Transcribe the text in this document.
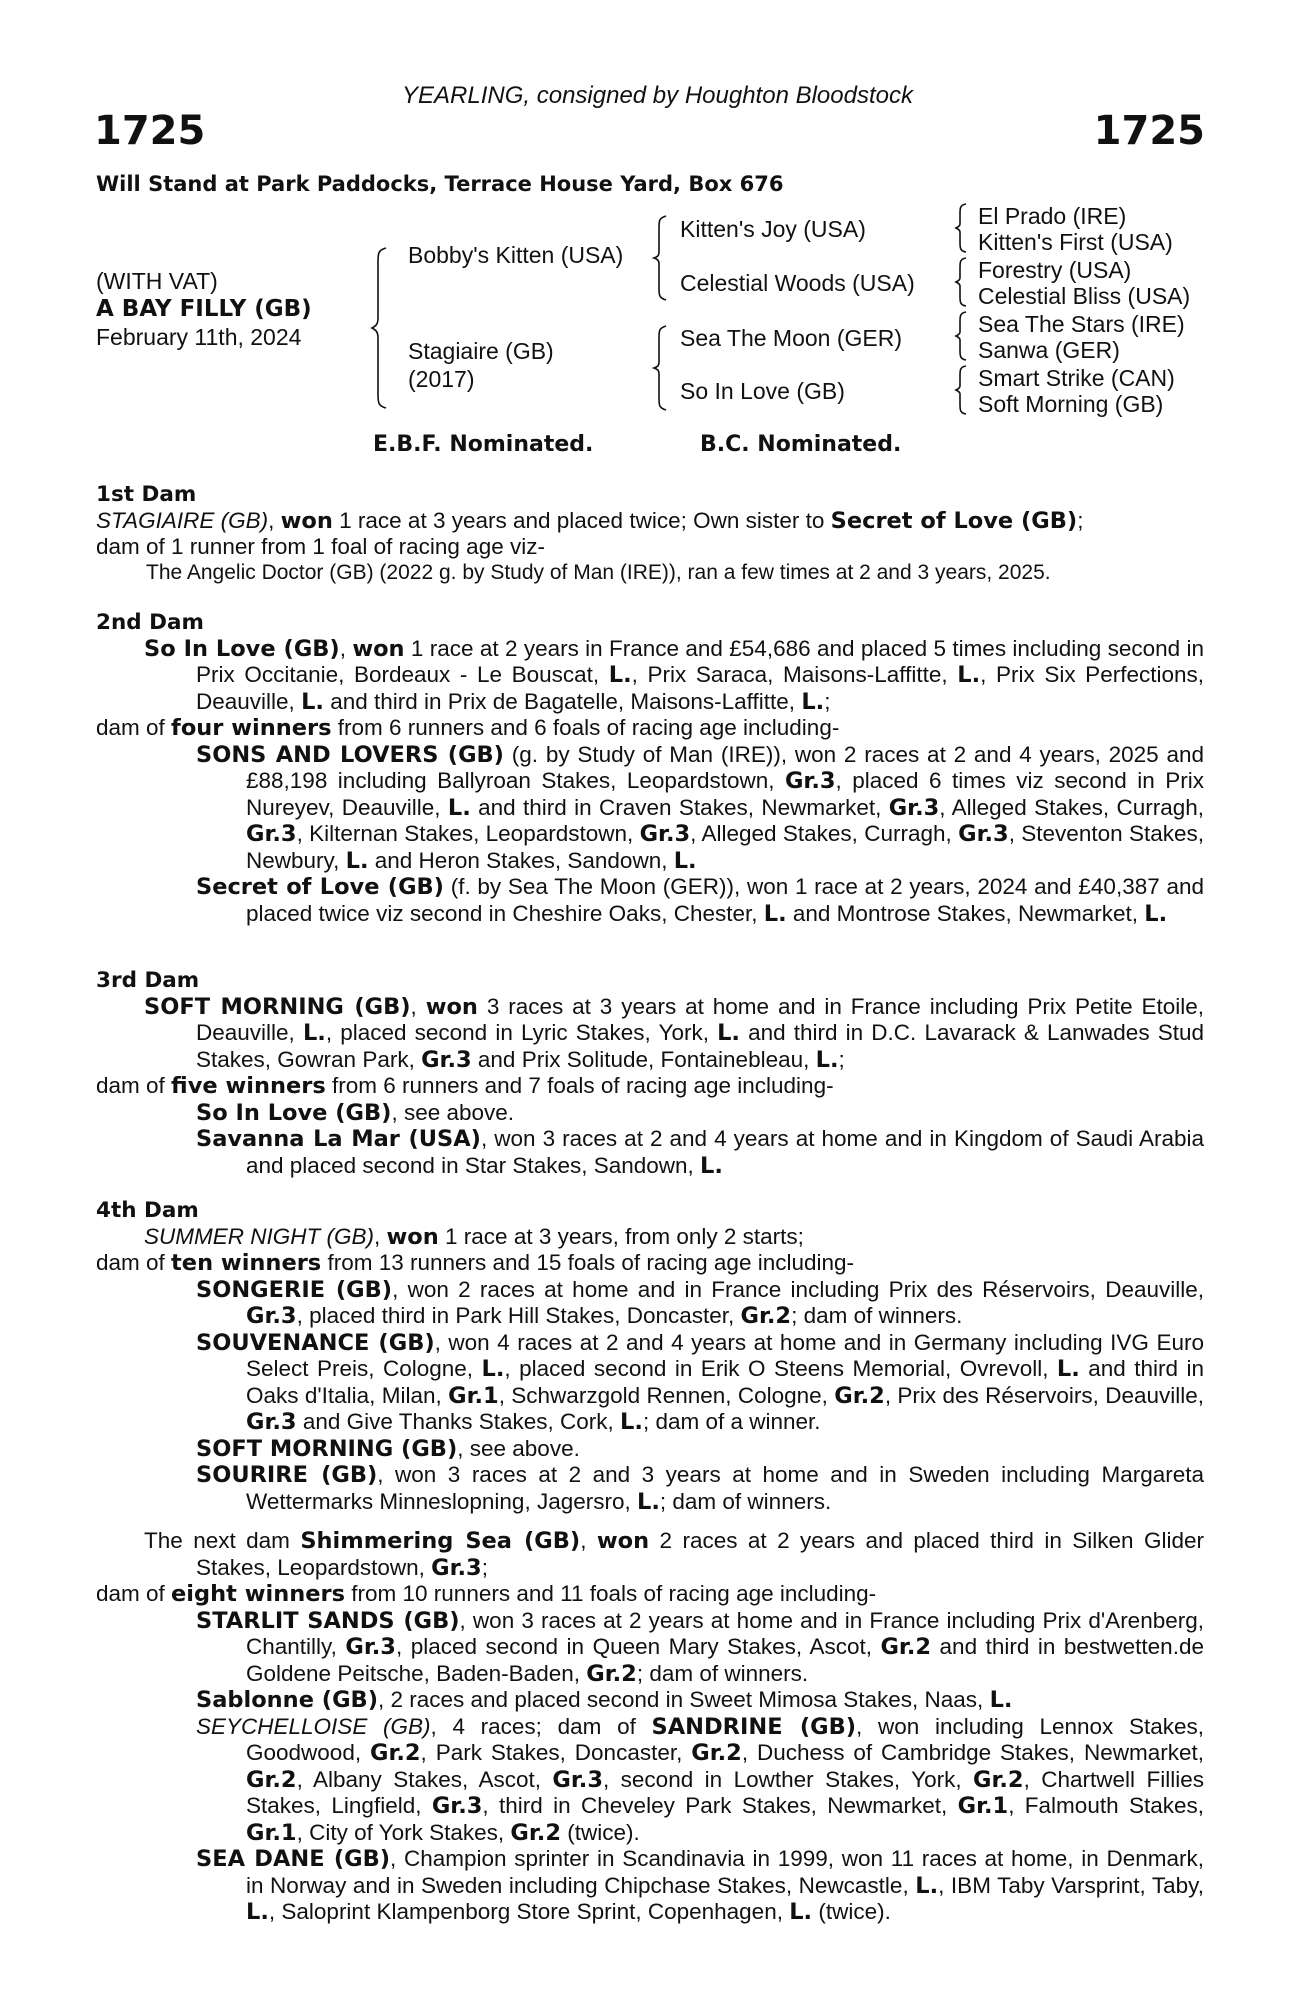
YEARLING, consigned by Houghton Bloodstock
1725	1725
Will Stand at Park Paddocks, Terrace House Yard, Box 676
(WITH VAT)
A BAY FILLY (GB)
February 11th, 2024
Bobby's Kitten (USA)
Stagiaire (GB)
(2017)
Kitten's Joy (USA)
Celestial Woods (USA)
Sea The Moon (GER)
So In Love (GB)
El Prado (IRE)
Kitten's First (USA)
Forestry (USA)
Celestial Bliss (USA)
Sea The Stars (IRE)
Sanwa (GER)
Smart Strike (CAN)
Soft Morning (GB)
E.B.F. Nominated.	B.C. Nominated.

1st Dam

STAGIAIRE (GB), won 1 race at 3 years and placed twice; Own sister to Secret of Love (GB);

dam of 1 runner from 1 foal of racing age viz-

The Angelic Doctor (GB) (2022 g. by Study of Man (IRE)), ran a few times at 2 and 3 years, 2025.

2nd Dam

So In Love (GB), won 1 race at 2 years in France and £54,686 and placed 5 times including second in Prix Occitanie, Bordeaux - Le Bouscat, L., Prix Saraca, Maisons-Laffitte, L., Prix Six Perfections, Deauville, L. and third in Prix de Bagatelle, Maisons-Laffitte, L.;

dam of four winners from 6 runners and 6 foals of racing age including-

SONS AND LOVERS (GB) (g. by Study of Man (IRE)), won 2 races at 2 and 4 years, 2025 and £88,198 including Ballyroan Stakes, Leopardstown, Gr.3, placed 6 times viz second in Prix Nureyev, Deauville, L. and third in Craven Stakes, Newmarket, Gr.3, Alleged Stakes, Curragh, Gr.3, Kilternan Stakes, Leopardstown, Gr.3, Alleged Stakes, Curragh, Gr.3, Steventon Stakes, Newbury, L. and Heron Stakes, Sandown, L.

Secret of Love (GB) (f. by Sea The Moon (GER)), won 1 race at 2 years, 2024 and £40,387 and placed twice viz second in Cheshire Oaks, Chester, L. and Montrose Stakes, Newmarket, L.

3rd Dam

SOFT MORNING (GB), won 3 races at 3 years at home and in France including Prix Petite Etoile, Deauville, L., placed second in Lyric Stakes, York, L. and third in D.C. Lavarack & Lanwades Stud Stakes, Gowran Park, Gr.3 and Prix Solitude, Fontainebleau, L.;

dam of five winners from 6 runners and 7 foals of racing age including-

So In Love (GB), see above.

Savanna La Mar (USA), won 3 races at 2 and 4 years at home and in Kingdom of Saudi Arabia and placed second in Star Stakes, Sandown, L.

4th Dam

SUMMER NIGHT (GB), won 1 race at 3 years, from only 2 starts;

dam of ten winners from 13 runners and 15 foals of racing age including-

SONGERIE (GB), won 2 races at home and in France including Prix des Réservoirs, Deauville, Gr.3, placed third in Park Hill Stakes, Doncaster, Gr.2; dam of winners.

SOUVENANCE (GB), won 4 races at 2 and 4 years at home and in Germany including IVG Euro Select Preis, Cologne, L., placed second in Erik O Steens Memorial, Ovrevoll, L. and third in Oaks d'Italia, Milan, Gr.1, Schwarzgold Rennen, Cologne, Gr.2, Prix des Réservoirs, Deauville, Gr.3 and Give Thanks Stakes, Cork, L.; dam of a winner.

SOFT MORNING (GB), see above.

SOURIRE (GB), won 3 races at 2 and 3 years at home and in Sweden including Margareta Wettermarks Minneslopning, Jagersro, L.; dam of winners.

The next dam Shimmering Sea (GB), won 2 races at 2 years and placed third in Silken Glider Stakes, Leopardstown, Gr.3;

dam of eight winners from 10 runners and 11 foals of racing age including-

STARLIT SANDS (GB), won 3 races at 2 years at home and in France including Prix d'Arenberg, Chantilly, Gr.3, placed second in Queen Mary Stakes, Ascot, Gr.2 and third in bestwetten.de Goldene Peitsche, Baden-Baden, Gr.2; dam of winners.

Sablonne (GB), 2 races and placed second in Sweet Mimosa Stakes, Naas, L.

SEYCHELLOISE (GB), 4 races; dam of SANDRINE (GB), won including Lennox Stakes, Goodwood, Gr.2, Park Stakes, Doncaster, Gr.2, Duchess of Cambridge Stakes, Newmarket, Gr.2, Albany Stakes, Ascot, Gr.3, second in Lowther Stakes, York, Gr.2, Chartwell Fillies Stakes, Lingfield, Gr.3, third in Cheveley Park Stakes, Newmarket, Gr.1, Falmouth Stakes, Gr.1, City of York Stakes, Gr.2 (twice).

SEA DANE (GB), Champion sprinter in Scandinavia in 1999, won 11 races at home, in Denmark, in Norway and in Sweden including Chipchase Stakes, Newcastle, L., IBM Taby Varsprint, Taby, L., Saloprint Klampenborg Store Sprint, Copenhagen, L. (twice).
